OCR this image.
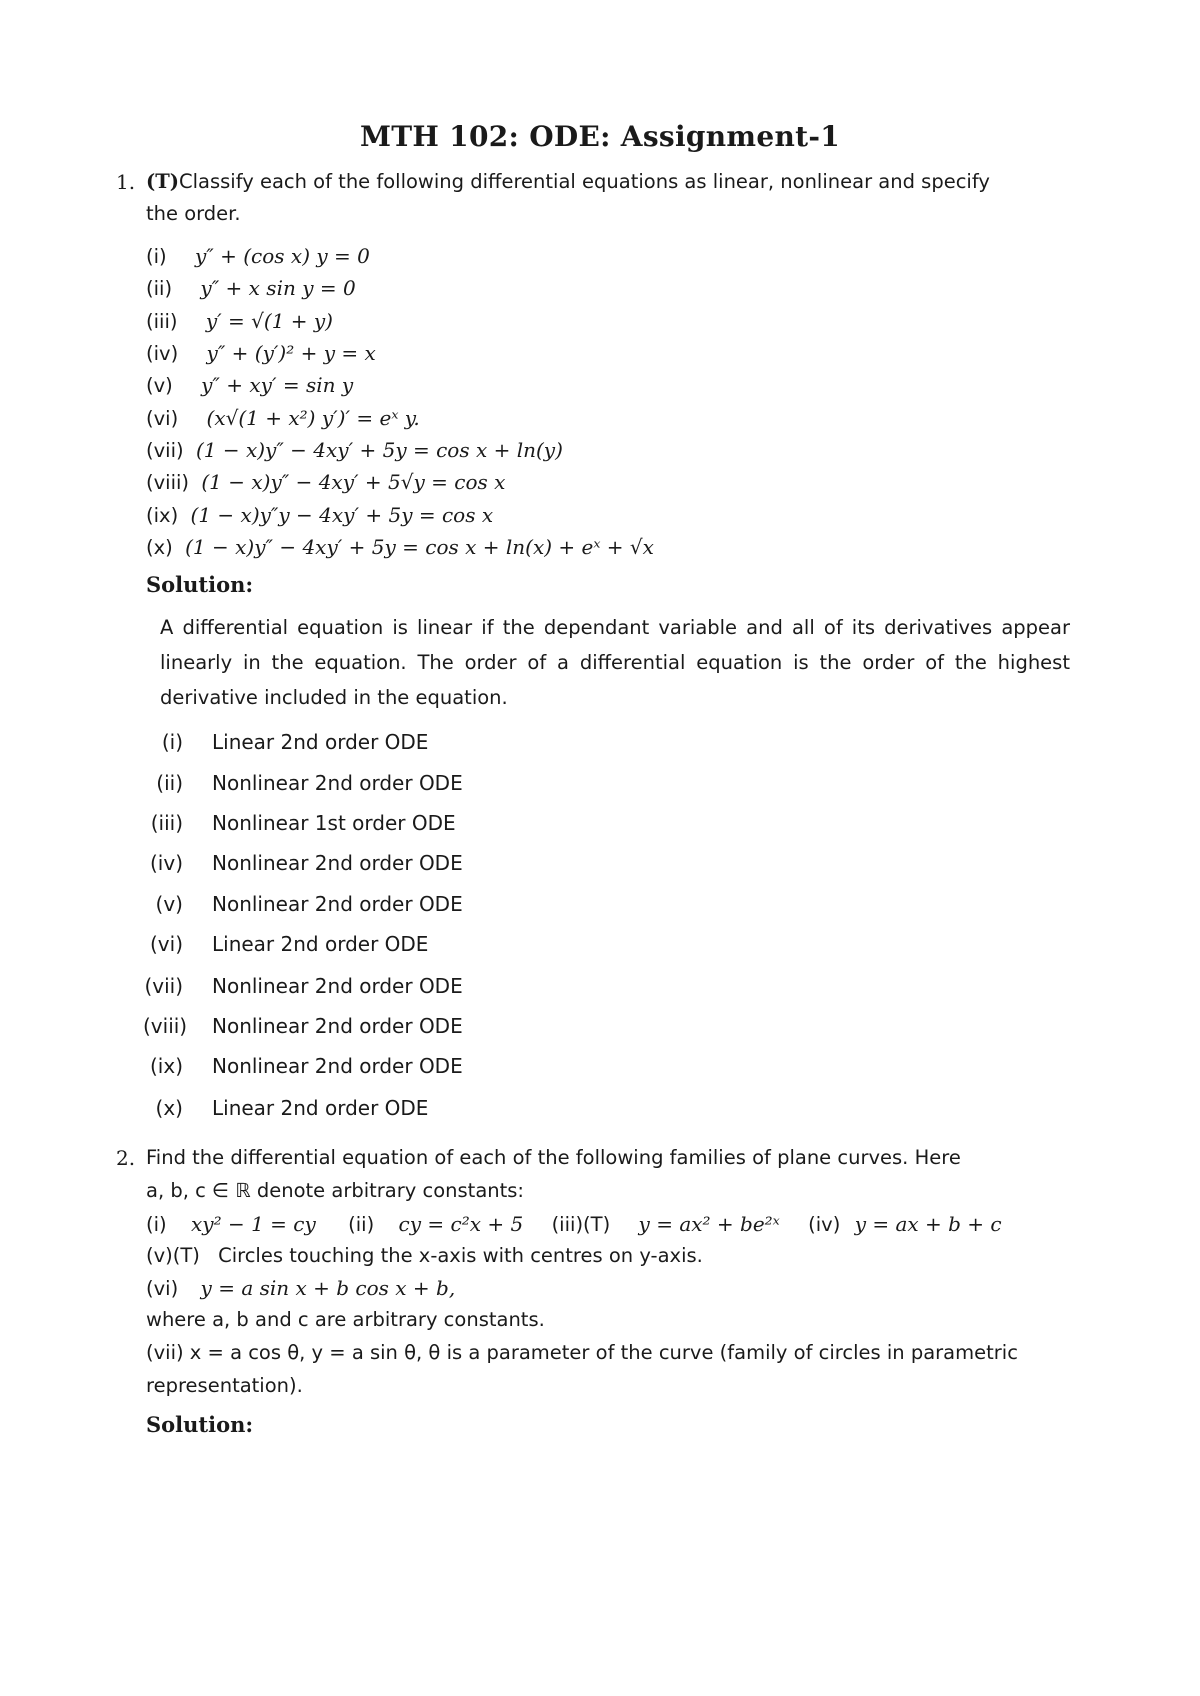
MTH 102: ODE: Assignment-1
1. (T)Classify each of the following differential equations as linear, nonlinear and specify
the order.
(i) y″ + (cos x) y = 0
(ii) y″ + x sin y = 0
(iii) y′ = √(1 + y)
(iv) y″ + (y′)² + y = x
(v) y″ + xy′ = sin y
(vi) (x√(1 + x²) y′)′ = eˣ y.
(vii) (1 − x)y″ − 4xy′ + 5y = cos x + ln(y)
(viii) (1 − x)y″ − 4xy′ + 5√y = cos x
(ix) (1 − x)y″y − 4xy′ + 5y = cos x
(x) (1 − x)y″ − 4xy′ + 5y = cos x + ln(x) + eˣ + √x
Solution:
A differential equation is linear if the dependant variable and all of its derivatives appear linearly in the equation. The order of a differential equation is the order of the highest derivative included in the equation.
(i) Linear 2nd order ODE
(ii) Nonlinear 2nd order ODE
(iii) Nonlinear 1st order ODE
(iv) Nonlinear 2nd order ODE
(v) Nonlinear 2nd order ODE
(vi) Linear 2nd order ODE
(vii) Nonlinear 2nd order ODE
(viii) Nonlinear 2nd order ODE
(ix) Nonlinear 2nd order ODE
(x) Linear 2nd order ODE
2. Find the differential equation of each of the following families of plane curves. Here
a, b, c ∈ ℝ denote arbitrary constants:
(i) xy² − 1 = cy (ii) cy = c²x + 5 (iii)(T) y = ax² + be²ˣ (iv) y = ax + b + c
(v)(T) Circles touching the x-axis with centres on y-axis.
(vi) y = a sin x + b cos x + b,
where a, b and c are arbitrary constants.
(vii) x = a cos θ, y = a sin θ, θ is a parameter of the curve (family of circles in parametric
representation).
Solution:
